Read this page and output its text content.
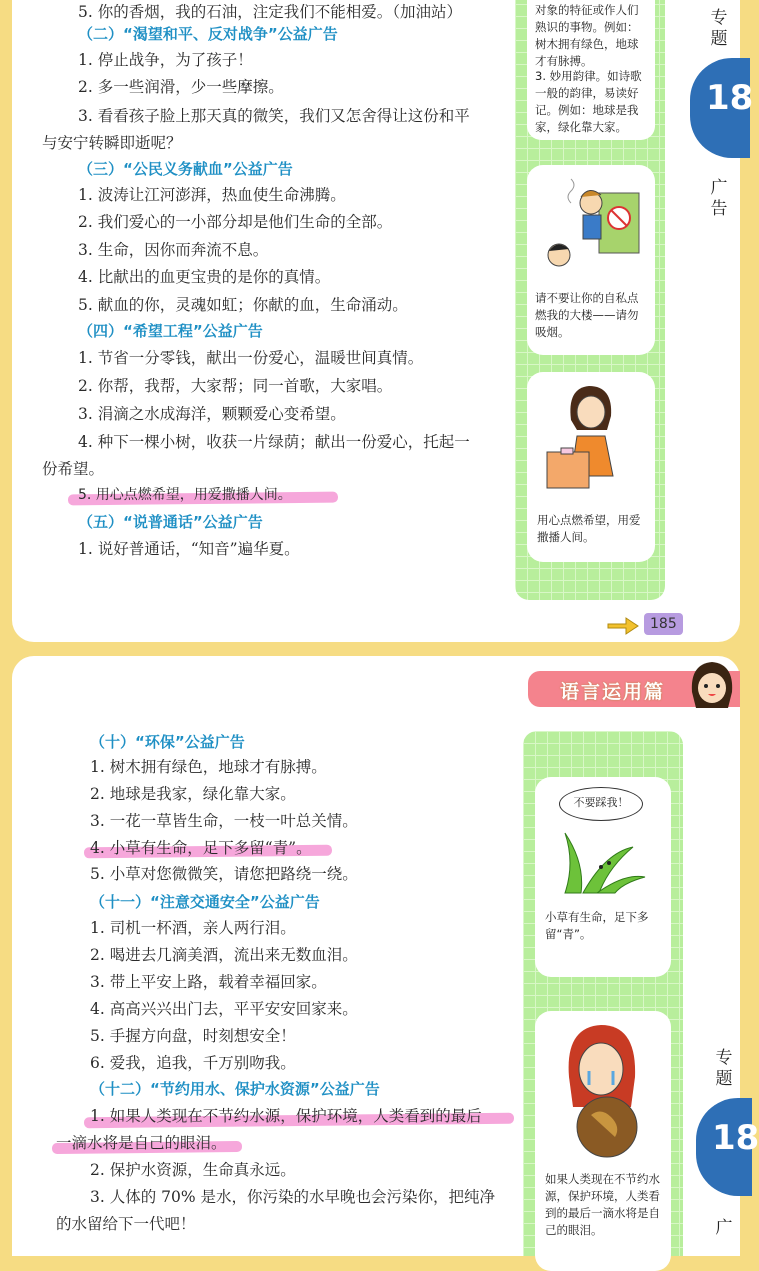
5. 你的香烟，我的石油，注定我们不能相爱。（加油站）
（二）“渴望和平、反对战争”公益广告
1. 停止战争，为了孩子！
2. 多一些润滑，少一些摩擦。
3. 看看孩子脸上那天真的微笑，我们又怎舍得让这份和平
与安宁转瞬即逝呢？
（三）“公民义务献血”公益广告
1. 波涛让江河澎湃，热血使生命沸腾。
2. 我们爱心的一小部分却是他们生命的全部。
3. 生命，因你而奔流不息。
4. 比献出的血更宝贵的是你的真情。
5. 献血的你，灵魂如虹；你献的血，生命涌动。
（四）“希望工程”公益广告
1. 节省一分零钱，献出一份爱心，温暖世间真情。
2. 你帮，我帮，大家帮；同一首歌，大家唱。
3. 涓滴之水成海洋，颗颗爱心变希望。
4. 种下一棵小树，收获一片绿荫；献出一份爱心，托起一
份希望。
5. 用心点燃希望，用爱撒播人间。
（五）“说普通话”公益广告
1. 说好普通话，“知音”遍华夏。
对象的特征或作人们熟识的事物。例如：树木拥有绿色，地球才有脉搏。
3. 妙用韵律。如诗歌一般的韵律，易读好记。例如：地球是我家，绿化靠大家。
请不要让你的自私点燃我的大楼——请勿吸烟。
用心点燃希望，用爱撒播人间。
专题
18
广告
185
语言运用篇
（十）“环保”公益广告
1. 树木拥有绿色，地球才有脉搏。
2. 地球是我家，绿化靠大家。
3. 一花一草皆生命，一枝一叶总关情。
4. 小草有生命，足下多留“青”。
5. 小草对您微微笑，请您把路绕一绕。
（十一）“注意交通安全”公益广告
1. 司机一杯酒，亲人两行泪。
2. 喝进去几滴美酒，流出来无数血泪。
3. 带上平安上路，载着幸福回家。
4. 高高兴兴出门去，平平安安回家来。
5. 手握方向盘，时刻想安全！
6. 爱我，追我，千万别吻我。
（十二）“节约用水、保护水资源”公益广告
1. 如果人类现在不节约水源，保护环境，人类看到的最后
一滴水将是自己的眼泪。
2. 保护水资源，生命真永远。
3. 人体的 70% 是水，你污染的水早晚也会污染你，把纯净
的水留给下一代吧！
不要踩我！
小草有生命，足下多留“青”。
如果人类现在不节约水源，保护环境，人类看到的最后一滴水将是自己的眼泪。
专题
18
广
